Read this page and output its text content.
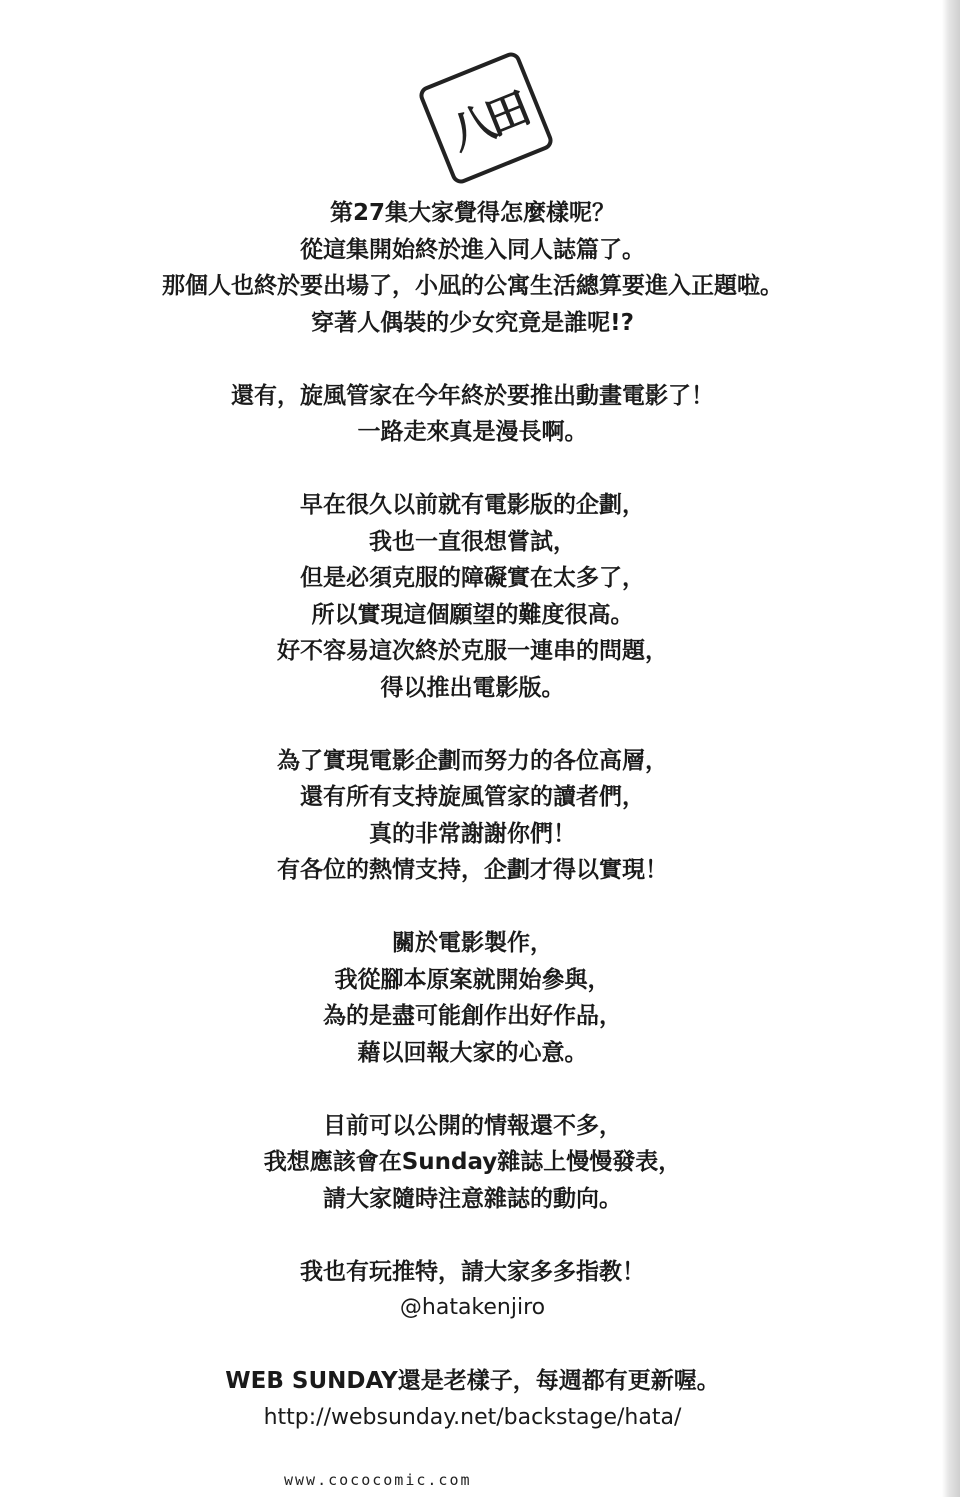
八田
第27集大家覺得怎麼樣呢？
從這集開始終於進入同人誌篇了。
那個人也終於要出場了，小凪的公寓生活總算要進入正題啦。
穿著人偶裝的少女究竟是誰呢!?
還有，旋風管家在今年終於要推出動畫電影了！
一路走來真是漫長啊。
早在很久以前就有電影版的企劃，
我也一直很想嘗試，
但是必須克服的障礙實在太多了，
所以實現這個願望的難度很高。
好不容易這次終於克服一連串的問題，
得以推出電影版。
為了實現電影企劃而努力的各位高層，
還有所有支持旋風管家的讀者們，
真的非常謝謝你們！
有各位的熱情支持，企劃才得以實現！
關於電影製作，
我從腳本原案就開始參與，
為的是盡可能創作出好作品，
藉以回報大家的心意。
目前可以公開的情報還不多，
我想應該會在Sunday雜誌上慢慢發表，
請大家隨時注意雜誌的動向。
我也有玩推特，請大家多多指教！
@hatakenjiro
WEB SUNDAY還是老樣子，每週都有更新喔。
http://websunday.net/backstage/hata/
www.cococomic.com
